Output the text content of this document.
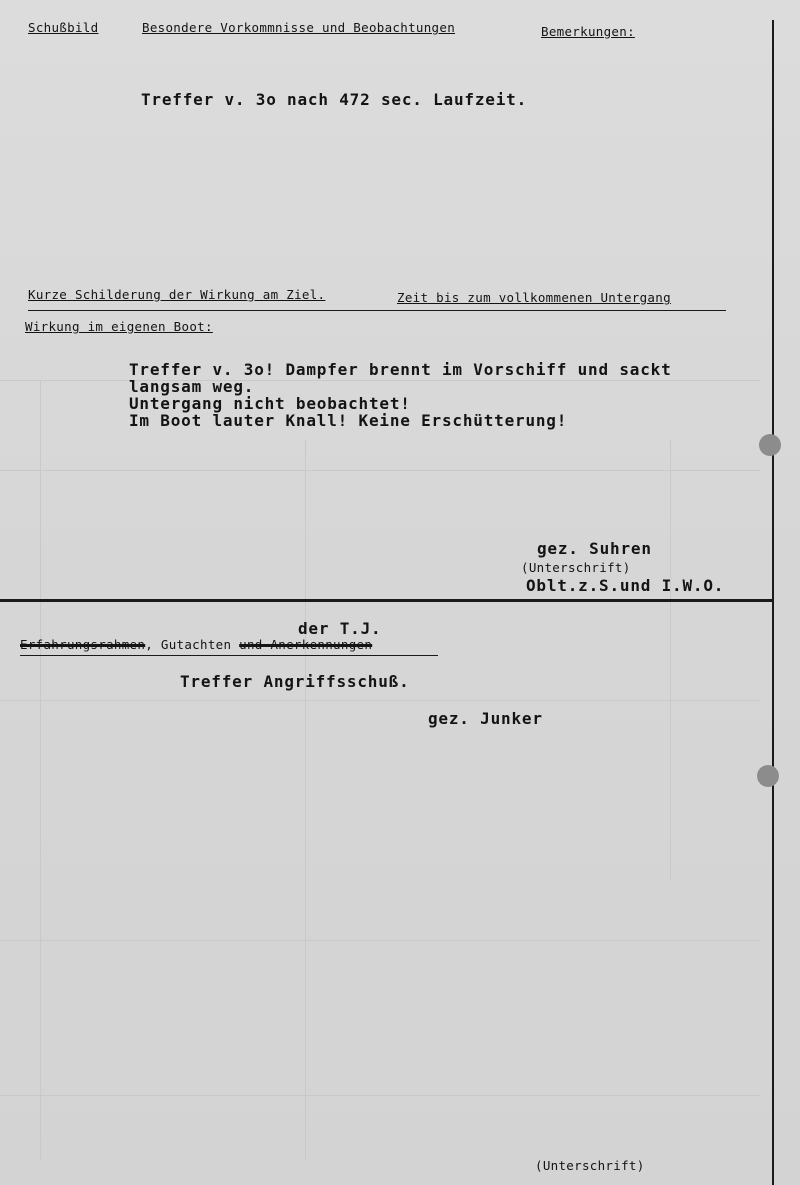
Schußbild	Besondere Vorkommnisse und Beobachtungen	Bemerkungen:
Treffer v. 3o nach 472 sec. Laufzeit.
Kurze Schilderung der Wirkung am Ziel.	Zeit bis zum vollkommenen Untergang
Wirkung im eigenen Boot:
Treffer v. 3o! Dampfer brennt im Vorschiff und sackt
langsam weg.
Untergang nicht beobachtet!
Im Boot lauter Knall! Keine Erschütterung!
gez. Suhren
(Unterschrift)
Oblt.z.S.und I.W.O.
der T.J.
Erfahrungsrahmen, Gutachten und Anerkennungen
Treffer Angriffsschuß.
gez. Junker
(Unterschrift)
